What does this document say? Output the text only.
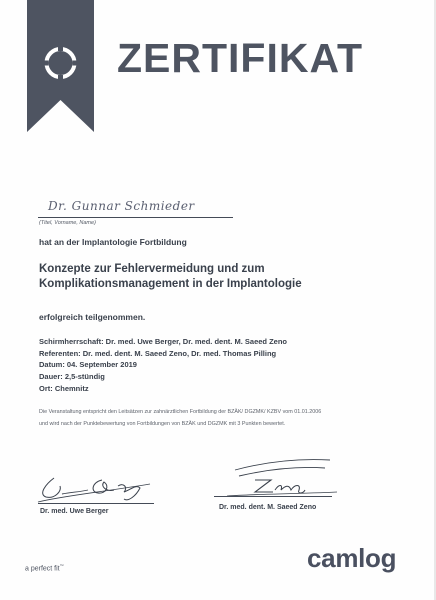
ZERTIFIKAT
Dr. Gunnar Schmieder
(Titel, Vorname, Name)
hat an der Implantologie Fortbildung
Konzepte zur Fehlervermeidung und zum
Komplikationsmanagement in der Implantologie
erfolgreich teilgenommen.
Schirmherrschaft: Dr. med. Uwe Berger, Dr. med. dent. M. Saeed Zeno
Referenten: Dr. med. dent. M. Saeed Zeno, Dr. med. Thomas Pilling
Datum: 04. September 2019
Dauer: 2,5-stündig
Ort: Chemnitz
Die Veranstaltung entspricht den Leitsätzen zur zahnärztlichen Fortbildung der BZÄK/ DGZMK/ KZBV vom 01.01.2006
und wird nach der Punktebewertung von Fortbildungen von BZÄK und DGZMK mit 3 Punkten bewertet.
Dr. med. Uwe Berger
Dr. med. dent. M. Saeed Zeno
a perfect fit™	camlog
